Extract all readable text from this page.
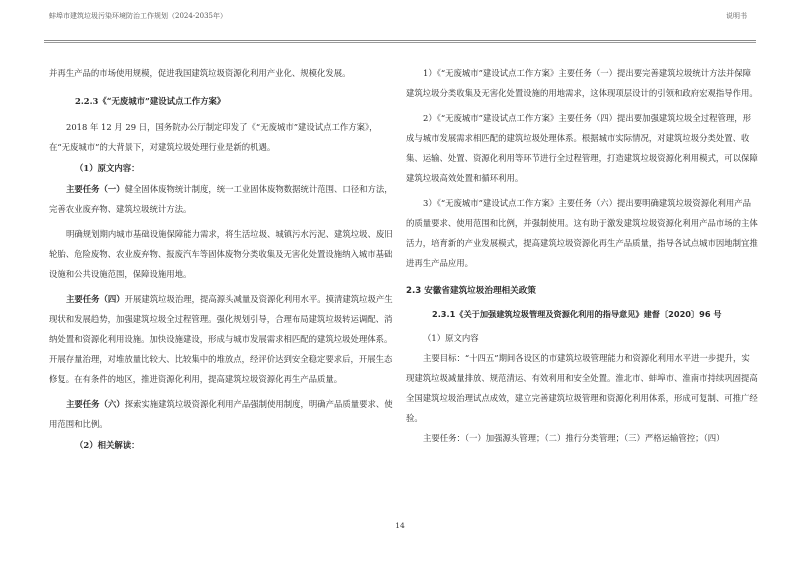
蚌埠市建筑垃圾污染环境防治工作规划（2024-2035年）	说明书

并再生产品的市场使用规模，促进我国建筑垃圾资源化利用产业化、规模化发展。

2.2.3《“无废城市”建设试点工作方案》

2018 年 12 月 29 日，国务院办公厅制定印发了《“无废城市”建设试点工作方案》，在“无废城市”的大背景下，对建筑垃圾处理行业是新的机遇。

（1）原文内容：

主要任务（一）健全固体废物统计制度，统一工业固体废物数据统计范围、口径和方法，完善农业废弃物、建筑垃圾统计方法。

明确规划期内城市基础设施保障能力需求，将生活垃圾、城镇污水污泥、建筑垃圾、废旧轮胎、危险废物、农业废弃物、报废汽车等固体废物分类收集及无害化处置设施纳入城市基础设施和公共设施范围，保障设施用地。

主要任务（四）开展建筑垃圾治理，提高源头减量及资源化利用水平。摸清建筑垃圾产生现状和发展趋势，加强建筑垃圾全过程管理。强化规划引导，合理布局建筑垃圾转运调配、消纳处置和资源化利用设施。加快设施建设，形成与城市发展需求相匹配的建筑垃圾处理体系。开展存量治理，对堆放量比较大、比较集中的堆放点，经评价达到安全稳定要求后，开展生态修复。在有条件的地区，推进资源化利用，提高建筑垃圾资源化再生产品质量。

主要任务（六）探索实施建筑垃圾资源化利用产品强制使用制度，明确产品质量要求、使用范围和比例。

（2）相关解读：

1）《“无废城市”建设试点工作方案》主要任务（一）提出要完善建筑垃圾统计方法并保障建筑垃圾分类收集及无害化处置设施的用地需求，这体现项层设计的引领和政府宏观指导作用。

2）《“无废城市”建设试点工作方案》主要任务（四）提出要加强建筑垃圾全过程管理，形成与城市发展需求相匹配的建筑垃圾处理体系。根据城市实际情况，对建筑垃圾分类处置、收集、运输、处置、资源化利用等环节进行全过程管理，打造建筑垃圾资源化利用模式，可以保障建筑垃圾高效处置和循环利用。

3）《“无废城市”建设试点工作方案》主要任务（六）提出要明确建筑垃圾资源化利用产品的质量要求、使用范围和比例，并强制使用。这有助于激发建筑垃圾资源化利用产品市场的主体活力，培育新的产业发展模式，提高建筑垃圾资源化再生产品质量，指导各试点城市因地制宜推进再生产品应用。

2.3 安徽省建筑垃圾治理相关政策

2.3.1《关于加强建筑垃圾管理及资源化利用的指导意见》建督〔2020〕96 号

（1）原文内容

主要目标：“十四五”期间各设区的市建筑垃圾管理能力和资源化利用水平进一步提升，实现建筑垃圾减量排放、规范清运、有效利用和安全处置。淮北市、蚌埠市、淮南市持续巩固提高全国建筑垃圾治理试点成效，建立完善建筑垃圾管理和资源化利用体系，形成可复制、可推广经验。

主要任务：（一）加强源头管理；（二）推行分类管理；（三）严格运输管控；（四）

14
